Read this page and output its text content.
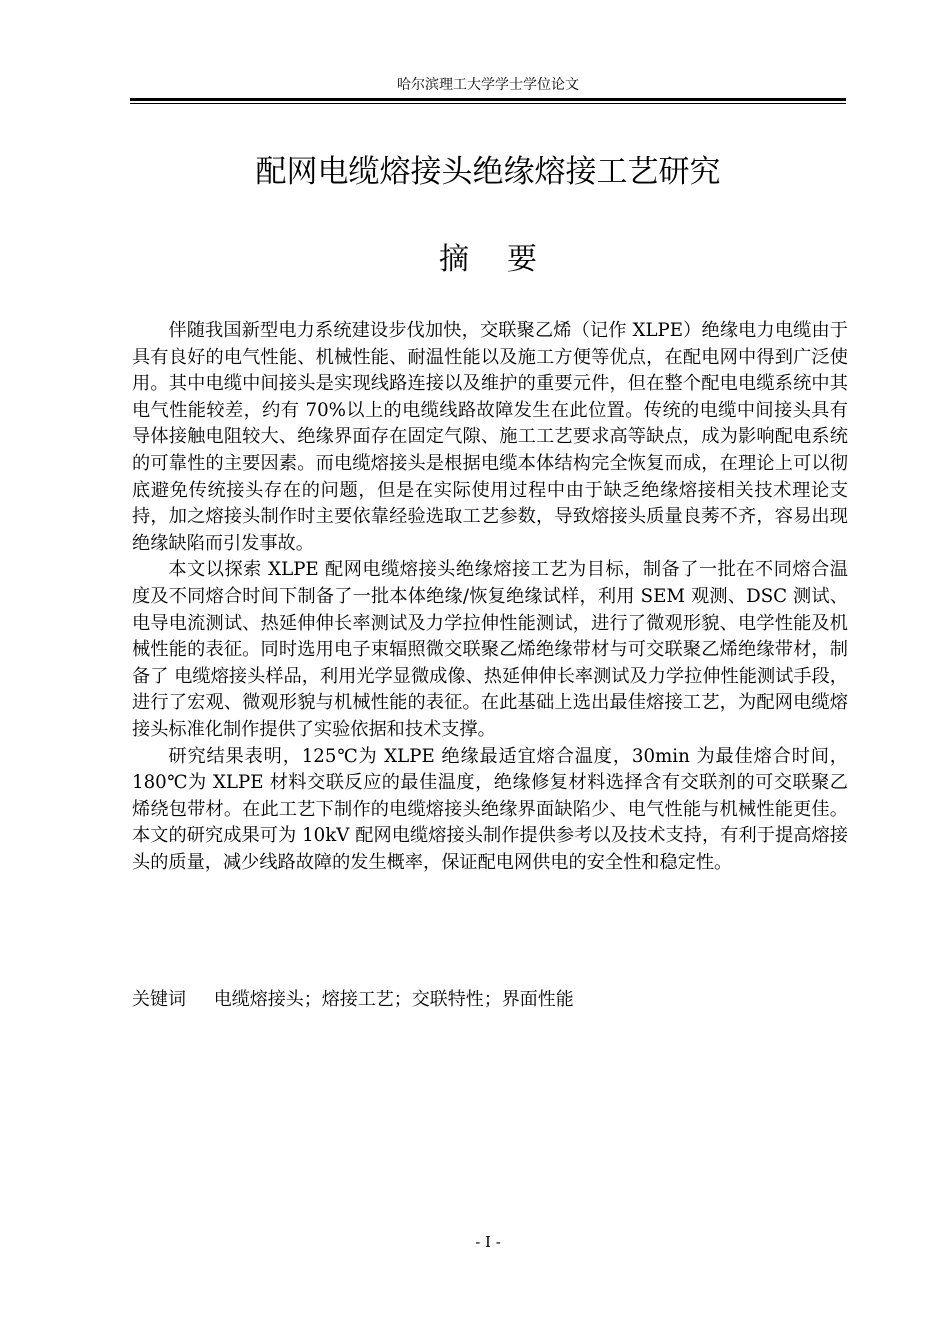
哈尔滨理工大学学士学位论文
配网电缆熔接头绝缘熔接工艺研究
摘要

伴随我国新型电力系统建设步伐加快，交联聚乙烯（记作 XLPE）绝缘电力电缆由于具有良好的电气性能、机械性能、耐温性能以及施工方便等优点，在配电网中得到广泛使用。其中电缆中间接头是实现线路连接以及维护的重要元件，但在整个配电电缆系统中其电气性能较差，约有 70%以上的电缆线路故障发生在此位置。传统的电缆中间接头具有导体接触电阻较大、绝缘界面存在固定气隙、施工工艺要求高等缺点，成为影响配电系统的可靠性的主要因素。而电缆熔接头是根据电缆本体结构完全恢复而成，在理论上可以彻底避免传统接头存在的问题，但是在实际使用过程中由于缺乏绝缘熔接相关技术理论支持，加之熔接头制作时主要依靠经验选取工艺参数，导致熔接头质量良莠不齐，容易出现绝缘缺陷而引发事故。

本文以探索 XLPE 配网电缆熔接头绝缘熔接工艺为目标，制备了一批在不同熔合温度及不同熔合时间下制备了一批本体绝缘/恢复绝缘试样，利用 SEM 观测、DSC 测试、电导电流测试、热延伸伸长率测试及力学拉伸性能测试，进行了微观形貌、电学性能及机械性能的表征。同时选用电子束辐照微交联聚乙烯绝缘带材与可交联聚乙烯绝缘带材，制备了 电缆熔接头样品，利用光学显微成像、热延伸伸长率测试及力学拉伸性能测试手段，进行了宏观、微观形貌与机械性能的表征。在此基础上选出最佳熔接工艺，为配网电缆熔接头标准化制作提供了实验依据和技术支撑。

研究结果表明，125℃为 XLPE 绝缘最适宜熔合温度，30min 为最佳熔合时间，180℃为 XLPE 材料交联反应的最佳温度，绝缘修复材料选择含有交联剂的可交联聚乙烯绕包带材。在此工艺下制作的电缆熔接头绝缘界面缺陷少、电气性能与机械性能更佳。本文的研究成果可为 10kV 配网电缆熔接头制作提供参考以及技术支持，有利于提高熔接头的质量，减少线路故障的发生概率，保证配电网供电的安全性和稳定性。

关键词 电缆熔接头；熔接工艺；交联特性；界面性能
- I -
